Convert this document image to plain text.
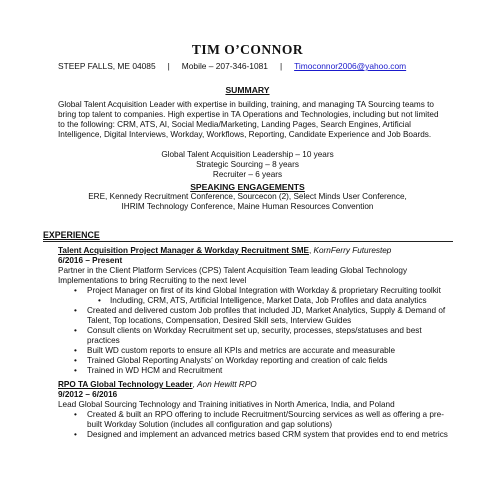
TIM O’CONNOR
STEEP FALLS, ME 04085 | Mobile – 207-346-1081 | Timoconnor2006@yahoo.com
SUMMARY
Global Talent Acquisition Leader with expertise in building, training, and managing TA Sourcing teams to bring top talent to companies. High expertise in TA Operations and Technologies, including but not limited to the following: CRM, ATS, AI, Social Media/Marketing, Landing Pages, Search Engines, Artificial Intelligence, Digital Interviews, Workday, Workflows, Reporting, Candidate Experience and Job Boards.
Global Talent Acquisition Leadership – 10 years
Strategic Sourcing – 8 years
Recruiter – 6 years
SPEAKING ENGAGEMENTS
ERE, Kennedy Recruitment Conference, Sourcecon (2), Select Minds User Conference,
IHRIM Technology Conference, Maine Human Resources Convention
EXPERIENCE
Talent Acquisition Project Manager & Workday Recruitment SME, KornFerry Futurestep
6/2016 – Present
Partner in the Client Platform Services (CPS) Talent Acquisition Team leading Global Technology Implementations to bring Recruiting to the next level
• Project Manager on first of its kind Global Integration with Workday & proprietary Recruiting toolkit
• Including, CRM, ATS, Artificial Intelligence, Market Data, Job Profiles and data analytics
• Created and delivered custom Job profiles that included JD, Market Analytics, Supply & Demand of Talent, Top locations, Compensation, Desired Skill sets, Interview Guides
• Consult clients on Workday Recruitment set up, security, processes, steps/statuses and best practices
• Built WD custom reports to ensure all KPIs and metrics are accurate and measurable
• Trained Global Reporting Analysts’ on Workday reporting and creation of calc fields
• Trained in WD HCM and Recruitment
RPO TA Global Technology Leader, Aon Hewitt RPO
9/2012 – 6/2016
Lead Global Sourcing Technology and Training initiatives in North America, India, and Poland
• Created & built an RPO offering to include Recruitment/Sourcing services as well as offering a pre-built Workday Solution (includes all configuration and gap solutions)
• Designed and implement an advanced metrics based CRM system that provides end to end metrics
